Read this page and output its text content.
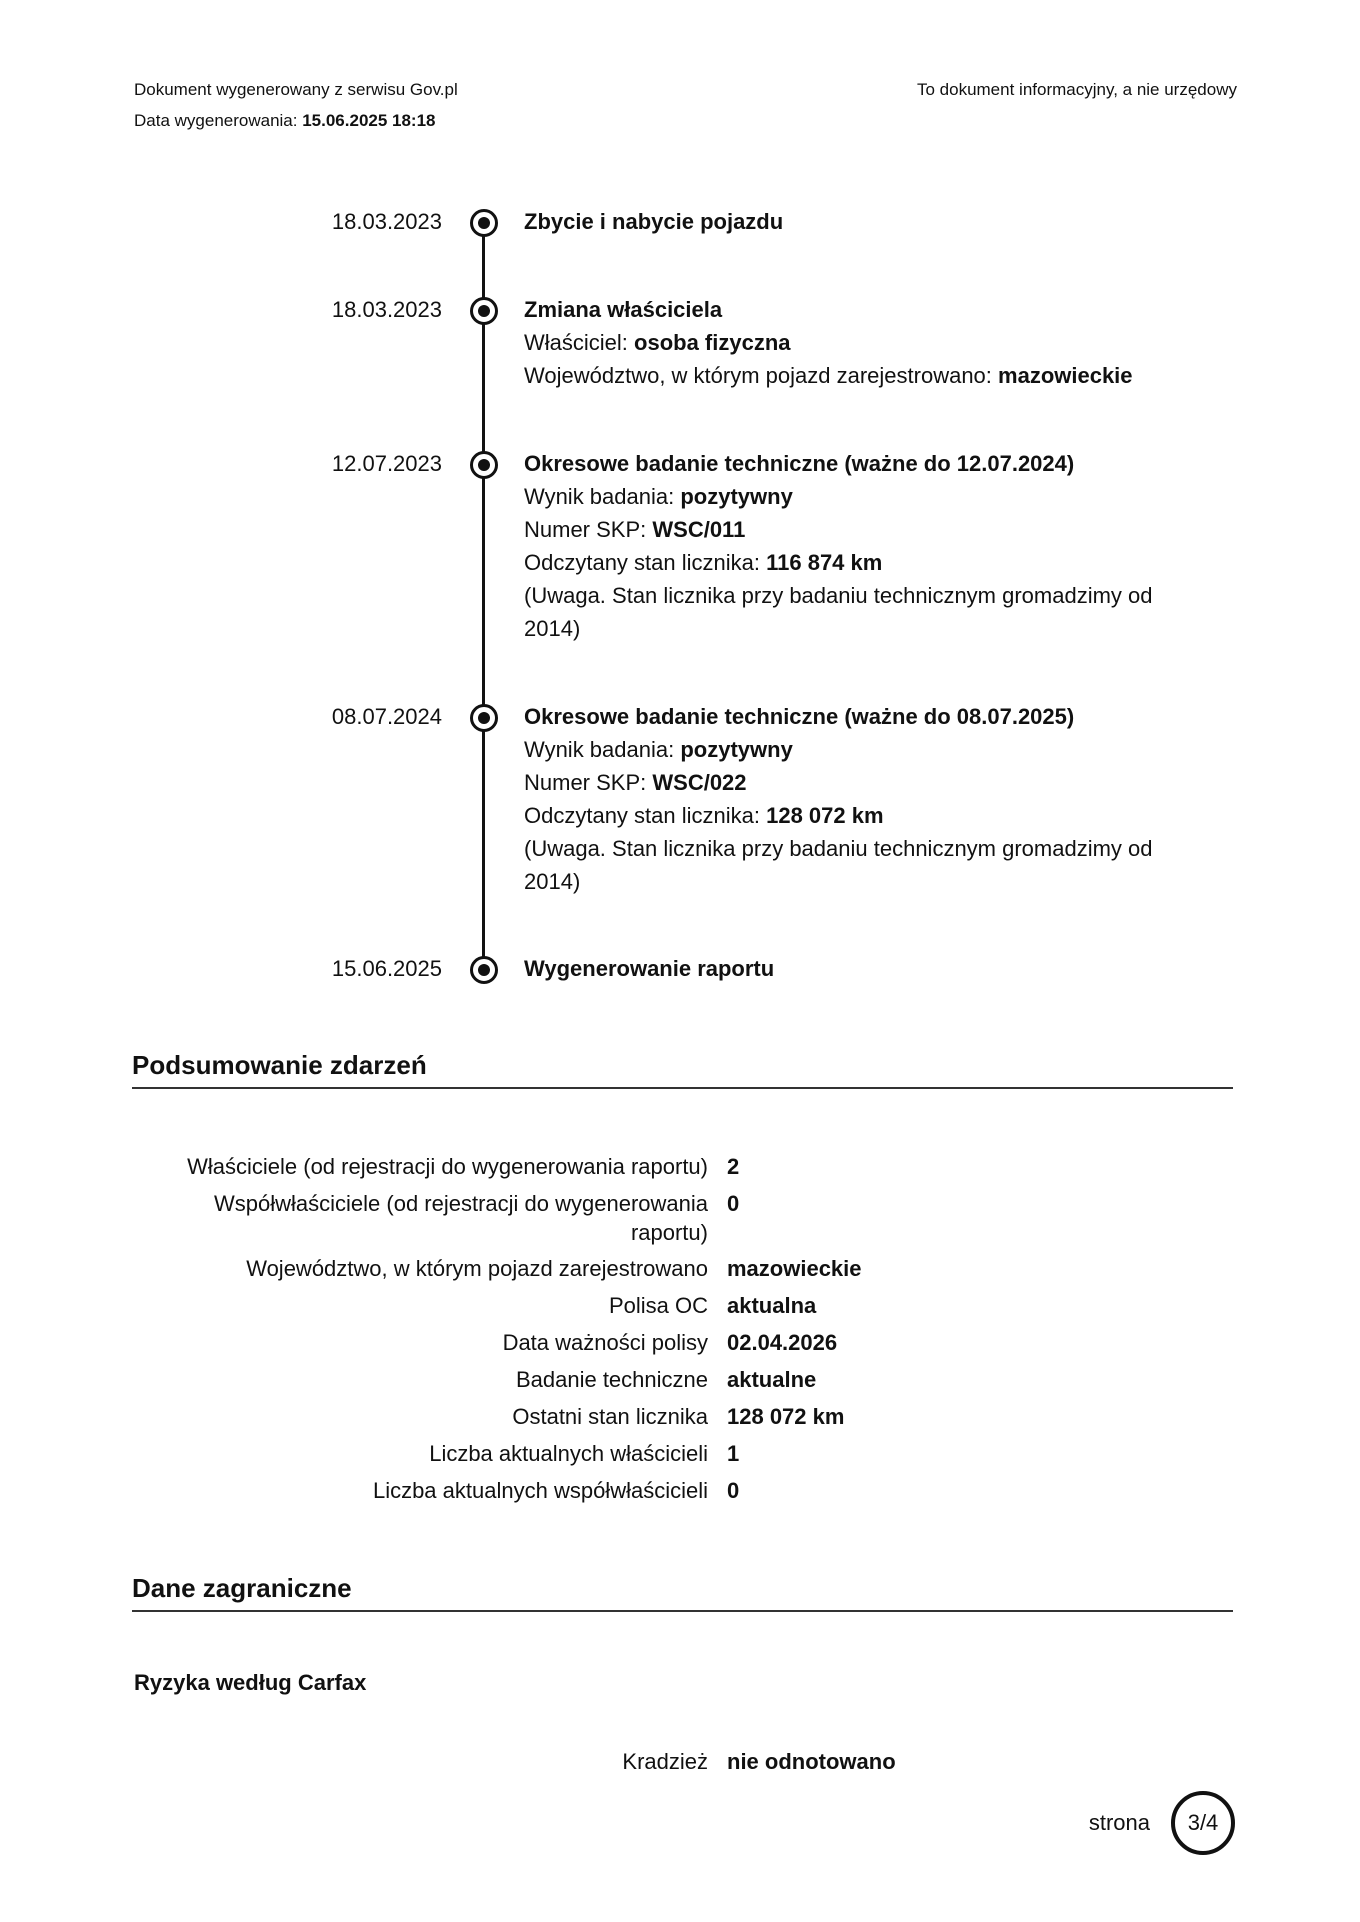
Dokument wygenerowany z serwisu Gov.pl
Data wygenerowania: 15.06.2025 18:18
To dokument informacyjny, a nie urzędowy
18.03.2023	Zbycie i nabycie pojazdu
18.03.2023	Zmiana właściciela
Właściciel: osoba fizyczna
Województwo, w którym pojazd zarejestrowano: mazowieckie
12.07.2023	Okresowe badanie techniczne (ważne do 12.07.2024)
Wynik badania: pozytywny
Numer SKP: WSC/011
Odczytany stan licznika: 116 874 km
(Uwaga. Stan licznika przy badaniu technicznym gromadzimy od 2014)
08.07.2024	Okresowe badanie techniczne (ważne do 08.07.2025)
Wynik badania: pozytywny
Numer SKP: WSC/022
Odczytany stan licznika: 128 072 km
(Uwaga. Stan licznika przy badaniu technicznym gromadzimy od 2014)
15.06.2025	Wygenerowanie raportu
Podsumowanie zdarzeń
Właściciele (od rejestracji do wygenerowania raportu) 2
Współwłaściciele (od rejestracji do wygenerowania raportu)
0
Województwo, w którym pojazd zarejestrowano mazowieckie
Polisa OC aktualna
Data ważności polisy 02.04.2026
Badanie techniczne aktualne
Ostatni stan licznika 128 072 km
Liczba aktualnych właścicieli 1
Liczba aktualnych współwłaścicieli 0
Dane zagraniczne
Ryzyka według Carfax
Kradzież nie odnotowano
strona 3/4
